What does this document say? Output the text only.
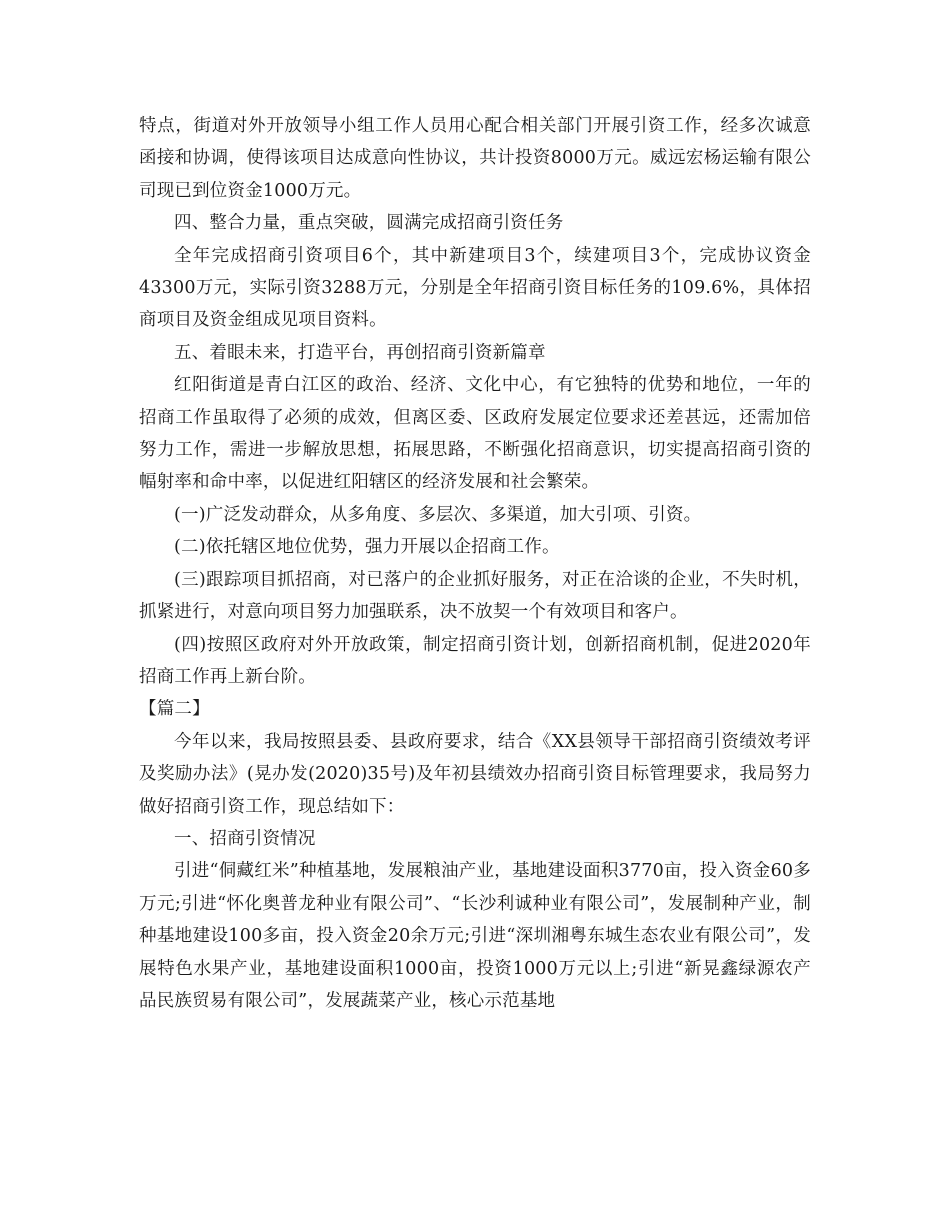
特点，街道对外开放领导小组工作人员用心配合相关部门开展引资工作，经多次诚意函接和协调，使得该项目达成意向性协议，共计投资8000万元。威远宏杨运输有限公司现已到位资金1000万元。

四、整合力量，重点突破，圆满完成招商引资任务

全年完成招商引资项目6个，其中新建项目3个，续建项目3个，完成协议资金43300万元，实际引资3288万元，分别是全年招商引资目标任务的109.6%，具体招商项目及资金组成见项目资料。

五、着眼未来，打造平台，再创招商引资新篇章

红阳街道是青白江区的政治、经济、文化中心，有它独特的优势和地位，一年的招商工作虽取得了必须的成效，但离区委、区政府发展定位要求还差甚远，还需加倍努力工作，需进一步解放思想，拓展思路，不断强化招商意识，切实提高招商引资的幅射率和命中率，以促进红阳辖区的经济发展和社会繁荣。

(一)广泛发动群众，从多角度、多层次、多渠道，加大引项、引资。

(二)依托辖区地位优势，强力开展以企招商工作。

(三)跟踪项目抓招商，对已落户的企业抓好服务，对正在洽谈的企业，不失时机，抓紧进行，对意向项目努力加强联系，决不放契一个有效项目和客户。

(四)按照区政府对外开放政策，制定招商引资计划，创新招商机制，促进2020年招商工作再上新台阶。

【篇二】

今年以来，我局按照县委、县政府要求，结合《XX县领导干部招商引资绩效考评及奖励办法》(晃办发(2020)35号)及年初县绩效办招商引资目标管理要求，我局努力做好招商引资工作，现总结如下：

一、招商引资情况

引进“侗藏红米”种植基地，发展粮油产业，基地建设面积3770亩，投入资金60多万元;引进“怀化奥普龙种业有限公司”、“长沙利诚种业有限公司”，发展制种产业，制种基地建设100多亩，投入资金20余万元;引进“深圳湘粤东城生态农业有限公司”，发展特色水果产业，基地建设面积1000亩，投资1000万元以上;引进“新晃鑫绿源农产品民族贸易有限公司”，发展蔬菜产业，核心示范基地
